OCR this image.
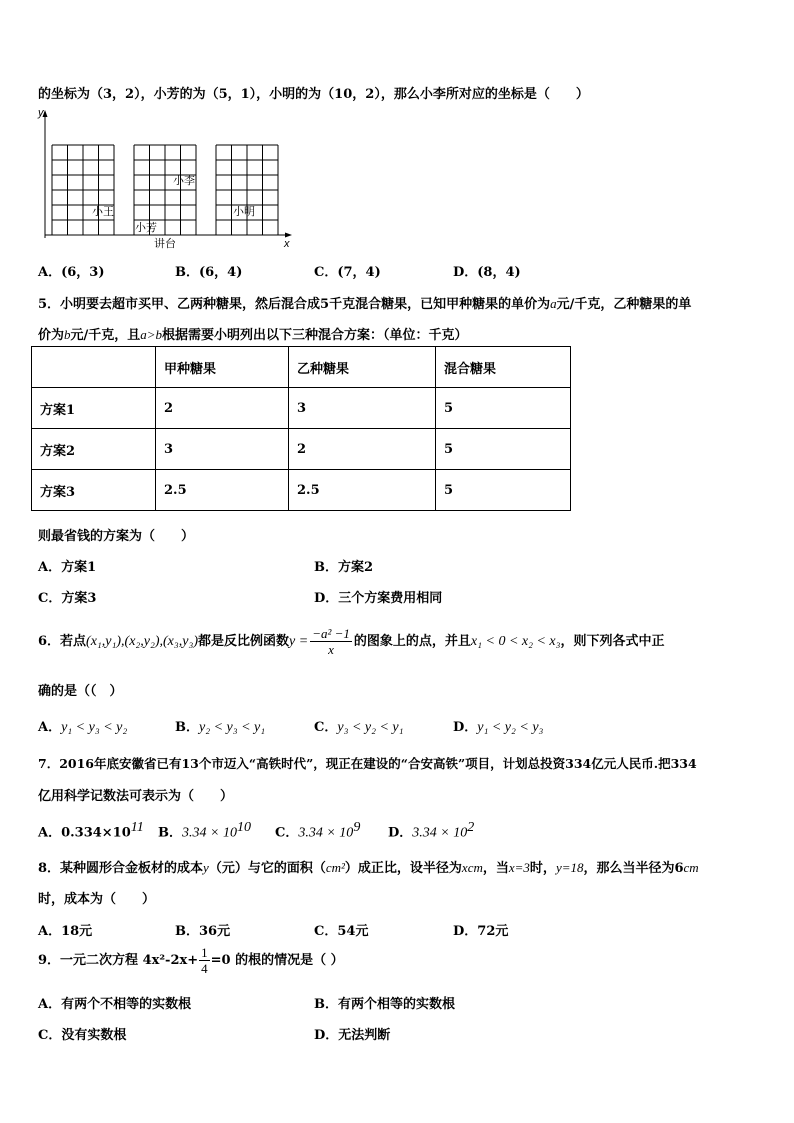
的坐标为（3，2），小芳的为（5，1），小明的为（10，2），那么小李所对应的坐标是（　　）
y
x
小王
小芳
小李
小明
讲台
A．(6，3)	B．(6，4)	C．(7，4)	D．(8，4)
5．小明要去超市买甲、乙两种糖果，然后混合成5千克混合糖果，已知甲种糖果的单价为a元/千克，乙种糖果的单
价为b元/千克，且a>b根据需要小明列出以下三种混合方案：（单位：千克）
	甲种糖果	乙种糖果	混合糖果
方案1	2	3	5
方案2	3	2	5
方案3	2.5	2.5	5
则最省钱的方案为（　　）
A．方案1	B．方案2
C．方案3	D．三个方案费用相同
6．若点(x₁,y₁),(x₂,y₂),(x₃,y₃)都是反比例函数$y = \frac{\text{−a² −1}}{x}$ 的图象上的点，并且x₁ < 0 < x₂ < x₃，则下列各式中正
确的是（（　）
A．y₁ < y₃ < y₂	B．y₂ < y₃ < y₁	C．y₃ < y₂ < y₁	D．y₁ < y₂ < y₃
7．2016年底安徽省已有13个市迈入“高铁时代”，现正在建设的“合安高铁”项目，计划总投资334亿元人民币.把334
亿用科学记数法可表示为（　　）
A．$0.334\times 10^{11}$ B．$3.34 \times 10^{10}$ C．$3.34 \times 10^9$ D．$3.34 \times 10^2$
8．某种圆形合金板材的成本y（元）与它的面积（cm²）成正比，设半径为xcm，当x=3时，y=18，那么当半径为6cm
时，成本为（　　）
A．18元	B．36元	C．54元	D．72元
9．一元二次方程 $4x^2-2x+ \frac{1}{4} =0$ 的根的情况是（ ）
A．有两个不相等的实数根	B．有两个相等的实数根
C．没有实数根	D．无法判断
